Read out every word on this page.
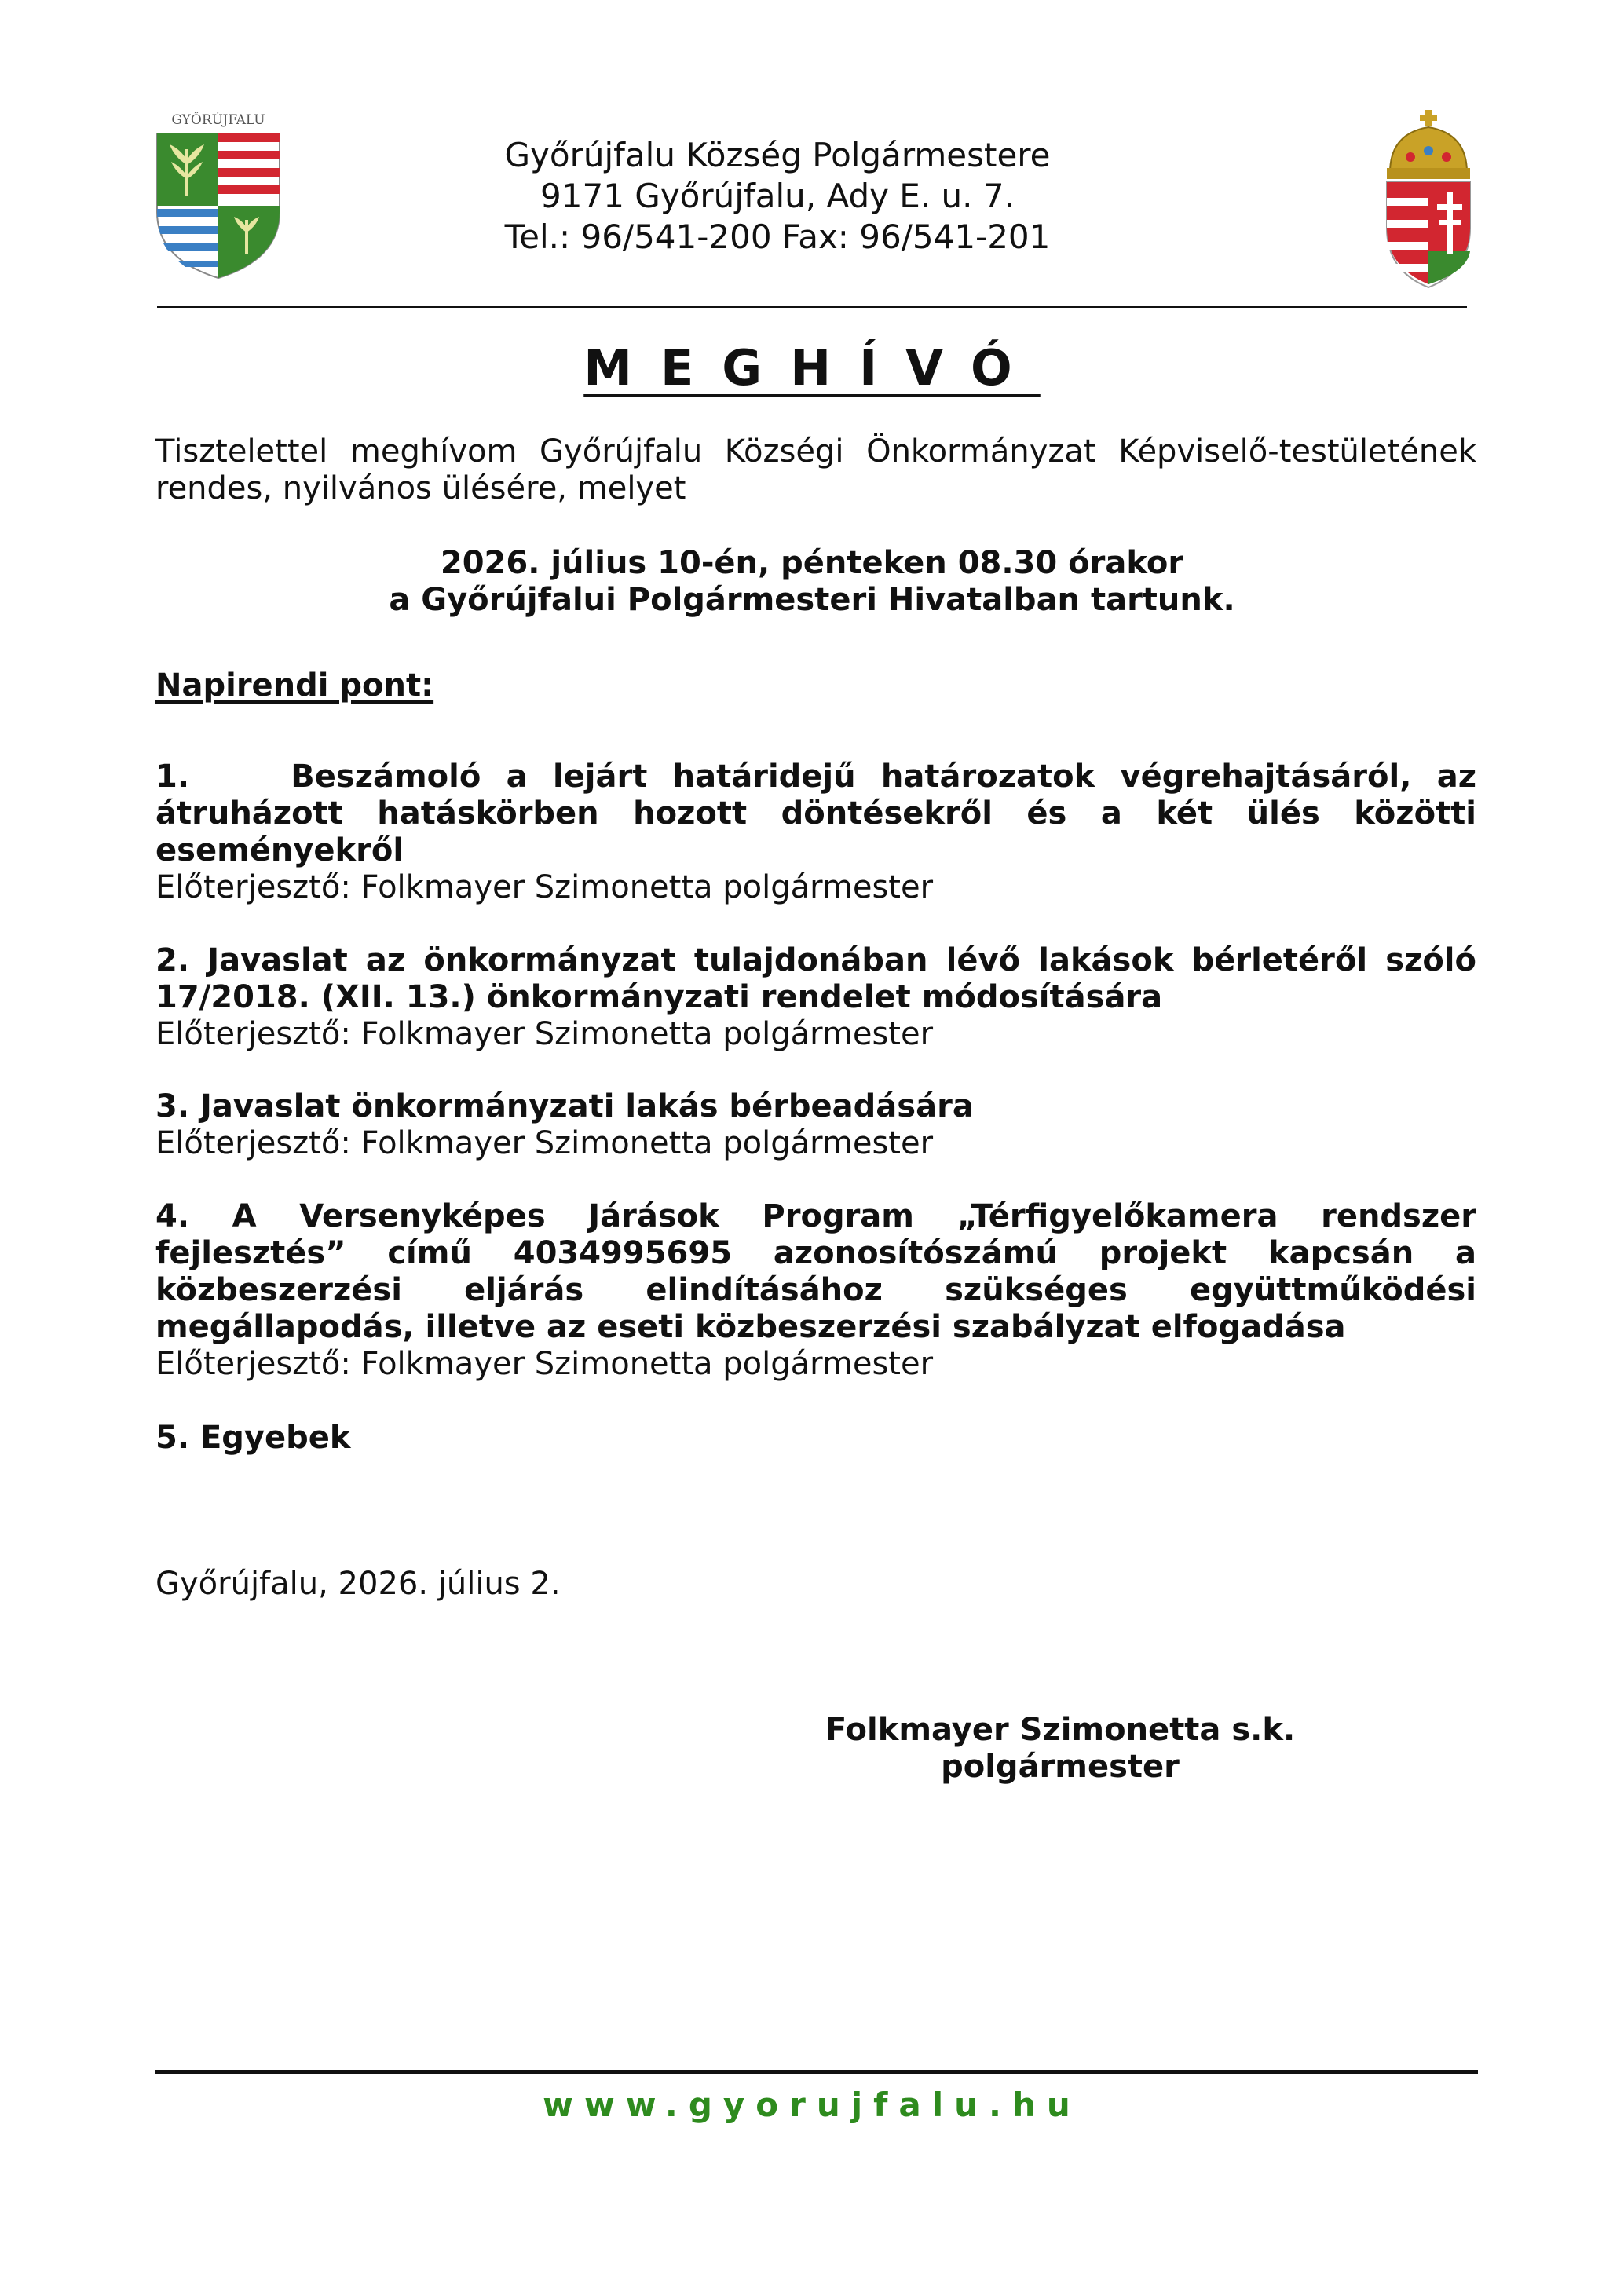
GYŐRÚJFALU
Győrújfalu Község Polgármestere
9171 Győrújfalu, Ady E. u. 7.
Tel.: 96/541-200 Fax: 96/541-201
MEGHÍVÓ
Tisztelettel meghívom Győrújfalu Községi Önkormányzat Képviselő-testületének rendes, nyilvános ülésére, melyet
2026. július 10-én, pénteken 08.30 órakor
a Győrújfalui Polgármesteri Hivatalban tartunk.
Napirendi pont:
1.    Beszámoló a lejárt határidejű határozatok végrehajtásáról, az átruházott hatáskörben hozott döntésekről és a két ülés közötti eseményekről
Előterjesztő: Folkmayer Szimonetta polgármester
2. Javaslat az önkormányzat tulajdonában lévő lakások bérletéről szóló 17/2018. (XII. 13.) önkormányzati rendelet módosítására
Előterjesztő: Folkmayer Szimonetta polgármester
3. Javaslat önkormányzati lakás bérbeadására
Előterjesztő: Folkmayer Szimonetta polgármester
4. A Versenyképes Járások Program „Térfigyelőkamera rendszer fejlesztés” című 4034995695 azonosítószámú projekt kapcsán a közbeszerzési eljárás elindításához szükséges együttműködési megállapodás, illetve az eseti közbeszerzési szabályzat elfogadása
Előterjesztő: Folkmayer Szimonetta polgármester
5. Egyebek
Győrújfalu, 2026. július 2.
Folkmayer Szimonetta s.k.
polgármester
www.gyorujfalu.hu
